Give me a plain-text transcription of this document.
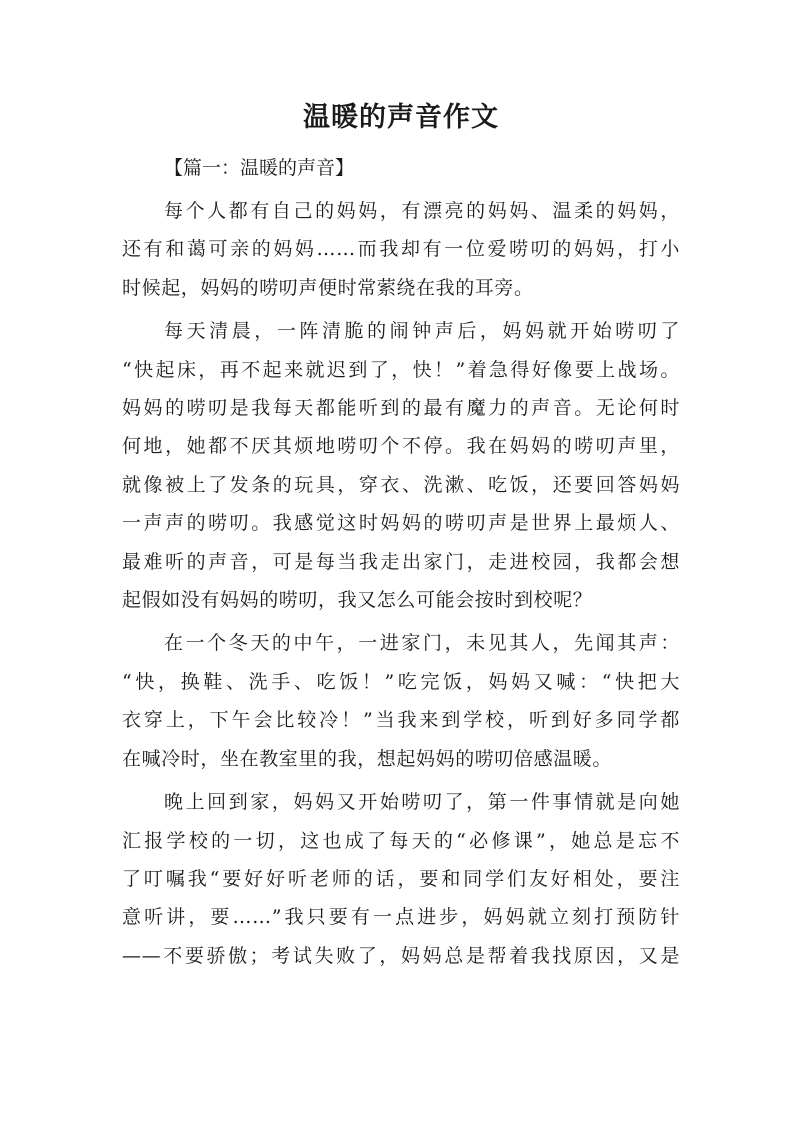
温暖的声音作文
【篇一：温暖的声音】

每个人都有自己的妈妈，有漂亮的妈妈、温柔的妈妈，
还有和蔼可亲的妈妈……而我却有一位爱唠叨的妈妈，打小
时候起，妈妈的唠叨声便时常萦绕在我的耳旁。

每天清晨，一阵清脆的闹钟声后，妈妈就开始唠叨了
“快起床，再不起来就迟到了，快！”着急得好像要上战场。
妈妈的唠叨是我每天都能听到的最有魔力的声音。无论何时
何地，她都不厌其烦地唠叨个不停。我在妈妈的唠叨声里，
就像被上了发条的玩具，穿衣、洗漱、吃饭，还要回答妈妈
一声声的唠叨。我感觉这时妈妈的唠叨声是世界上最烦人、
最难听的声音，可是每当我走出家门，走进校园，我都会想
起假如没有妈妈的唠叨，我又怎么可能会按时到校呢？

在一个冬天的中午，一进家门，未见其人，先闻其声：
“快，换鞋、洗手、吃饭！”吃完饭，妈妈又喊：“快把大
衣穿上，下午会比较冷！”当我来到学校，听到好多同学都
在喊冷时，坐在教室里的我，想起妈妈的唠叨倍感温暖。

晚上回到家，妈妈又开始唠叨了，第一件事情就是向她
汇报学校的一切，这也成了每天的“必修课”，她总是忘不
了叮嘱我“要好好听老师的话，要和同学们友好相处，要注
意听讲，要……”我只要有一点进步，妈妈就立刻打预防针
——不要骄傲；考试失败了，妈妈总是帮着我找原因，又是
